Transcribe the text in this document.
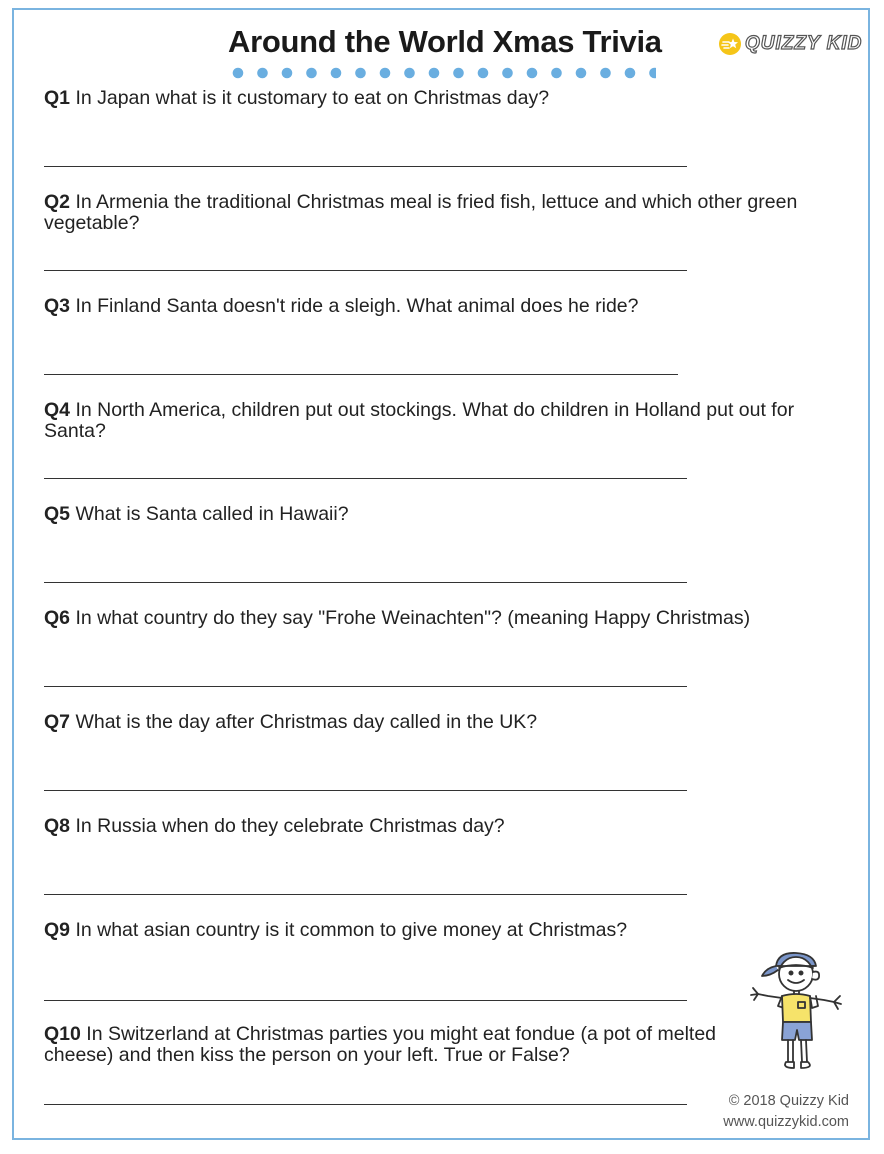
Around the World Xmas Trivia	QUIZZY KID
Q1 In Japan what is it customary to eat on Christmas day?
Q2 In Armenia the traditional Christmas meal is fried fish, lettuce and which other green vegetable?
Q3 In Finland Santa doesn't ride a sleigh. What animal does he ride?
Q4 In North America, children put out stockings. What do children in Holland put out for Santa?
Q5 What is Santa called in Hawaii?
Q6 In what country do they say "Frohe Weinachten"? (meaning Happy Christmas)
Q7 What is the day after Christmas day called in the UK?
Q8 In Russia when do they celebrate Christmas day?
Q9 In what asian country is it common to give money at Christmas?
Q10 In Switzerland at Christmas parties you might eat fondue (a pot of melted cheese) and then kiss the person on your left. True or False?
© 2018 Quizzy Kid
www.quizzykid.com
